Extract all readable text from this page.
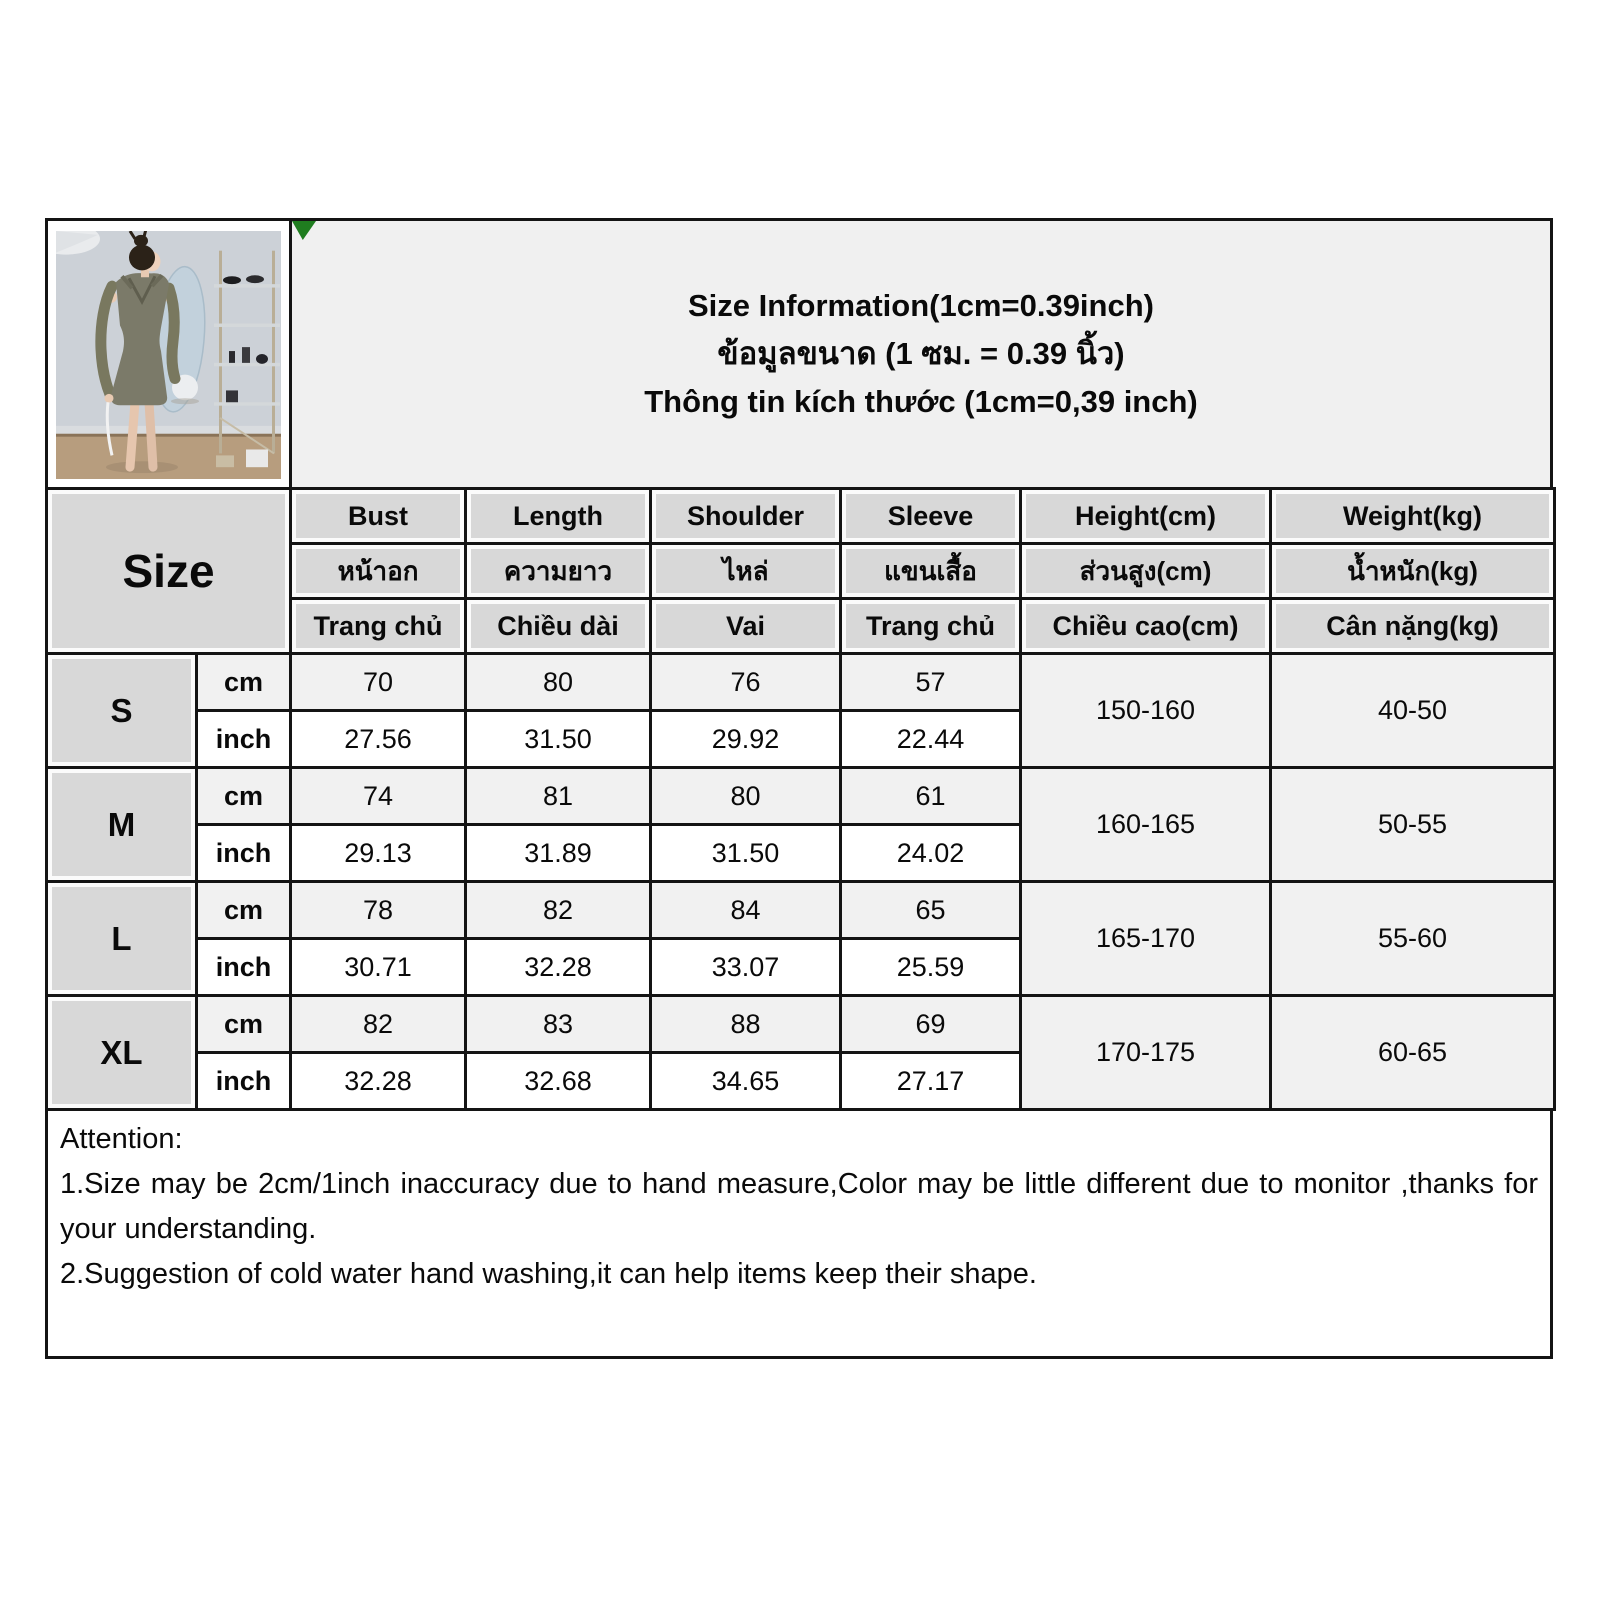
Size Information(1cm=0.39inch)
ข้อมูลขนาด (1 ซม. = 0.39 นิ้ว)
Thông tin kích thước (1cm=0,39 inch)
Size		Bust	Length	Shoulder	Sleeve	Height(cm)	Weight(kg)
		หน้าอก	ความยาว	ไหล่	แขนเสื้อ	ส่วนสูง(cm)	น้ำหนัก(kg)
		Trang chủ	Chiều dài	Vai	Trang chủ	Chiều cao(cm)	Cân nặng(kg)
S	cm	70	80	76	57	150-160	40-50
	inch	27.56	31.50	29.92	22.44		
M	cm	74	81	80	61	160-165	50-55
	inch	29.13	31.89	31.50	24.02		
L	cm	78	82	84	65	165-170	55-60
	inch	30.71	32.28	33.07	25.59		
XL	cm	82	83	88	69	170-175	60-65
	inch	32.28	32.68	34.65	27.17		
Attention:
1.Size may be 2cm/1inch inaccuracy due to hand measure,Color may be little different due to monitor ,thanks for your understanding.
2.Suggestion of cold water hand washing,it can help items keep their shape.
